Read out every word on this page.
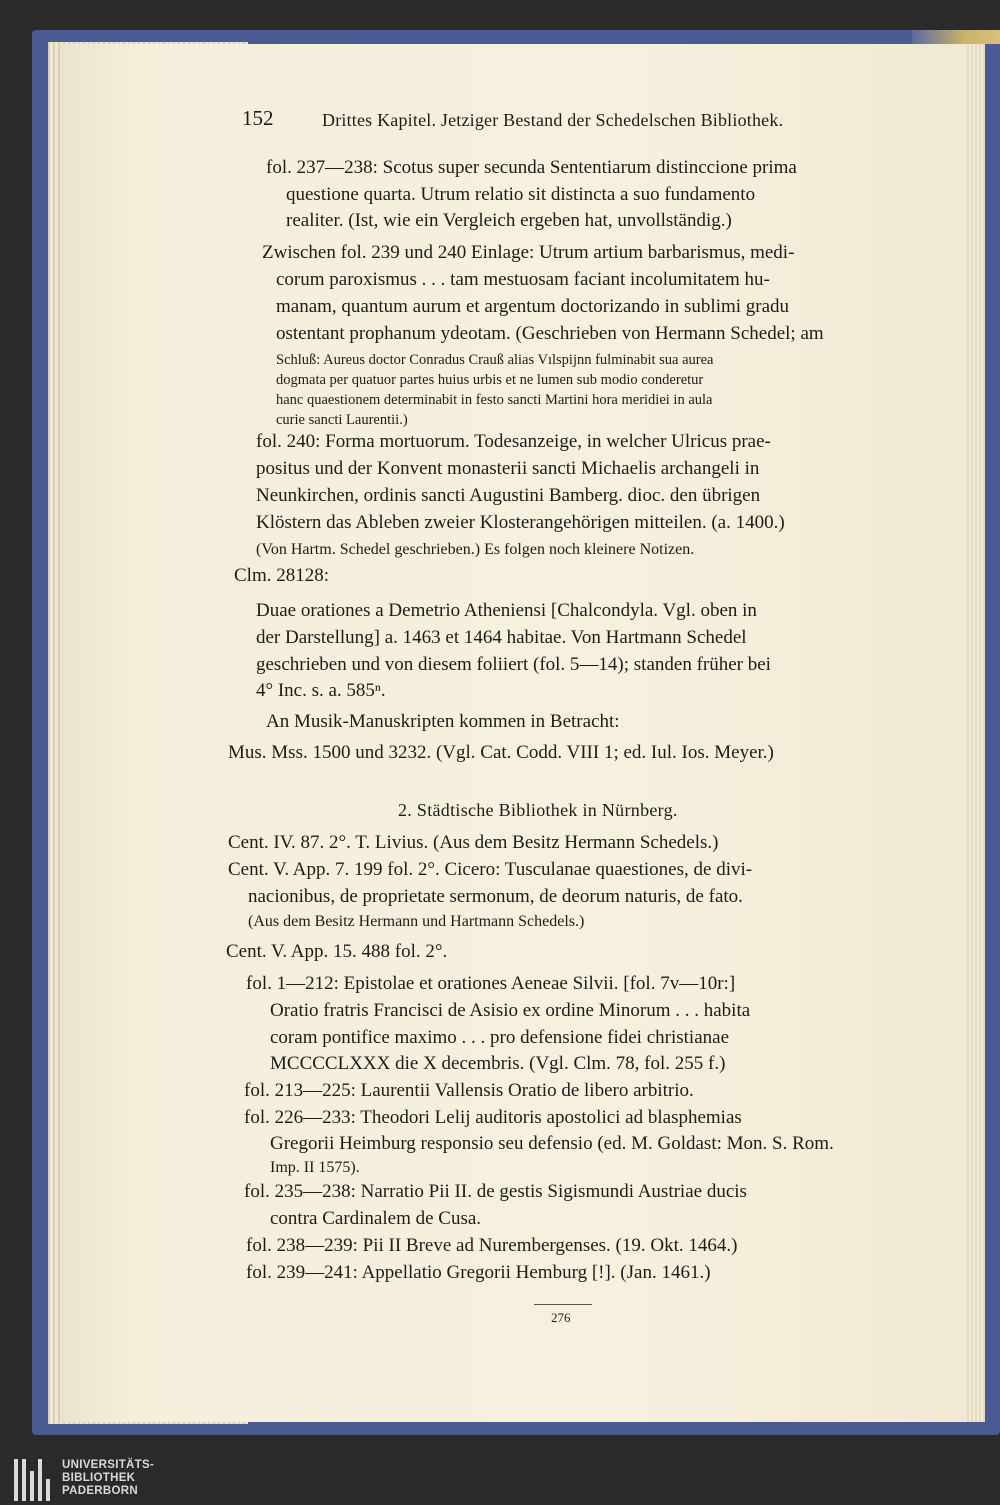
152	Drittes Kapitel. Jetziger Bestand der Schedelschen Bibliothek.
fol. 237—238: Scotus super secunda Sententiarum distinccione prima
questione quarta. Utrum relatio sit distincta a suo fundamento
realiter. (Ist, wie ein Vergleich ergeben hat, unvollständig.)
Zwischen fol. 239 und 240 Einlage: Utrum artium barbarismus, medi-
corum paroxismus . . . tam mestuosam faciant incolumitatem hu-
manam, quantum aurum et argentum doctorizando in sublimi gradu
ostentant prophanum ydeotam. (Geschrieben von Hermann Schedel; am
Schluß: Aureus doctor Conradus Crauß alias Vılspijnn fulminabit sua aurea
dogmata per quatuor partes huius urbis et ne lumen sub modio conderetur
hanc quaestionem determinabit in festo sancti Martini hora meridiei in aula
curie sancti Laurentii.)
fol. 240: Forma mortuorum. Todesanzeige, in welcher Ulricus prae-
positus und der Konvent monasterii sancti Michaelis archangeli in
Neunkirchen, ordinis sancti Augustini Bamberg. dioc. den übrigen
Klöstern das Ableben zweier Klosterangehörigen mitteilen. (a. 1400.)
(Von Hartm. Schedel geschrieben.) Es folgen noch kleinere Notizen.
Clm. 28128:
Duae orationes a Demetrio Atheniensi [Chalcondyla. Vgl. oben in
der Darstellung] a. 1463 et 1464 habitae. Von Hartmann Schedel
geschrieben und von diesem foliiert (fol. 5—14); standen früher bei
4° Inc. s. a. 585ⁿ.
An Musik-Manuskripten kommen in Betracht:
Mus. Mss. 1500 und 3232. (Vgl. Cat. Codd. VIII 1; ed. Iul. Ios. Meyer.)
2. Städtische Bibliothek in Nürnberg.
Cent. IV. 87. 2°. T. Livius. (Aus dem Besitz Hermann Schedels.)
Cent. V. App. 7. 199 fol. 2°. Cicero: Tusculanae quaestiones, de divi-
nacionibus, de proprietate sermonum, de deorum naturis, de fato.
(Aus dem Besitz Hermann und Hartmann Schedels.)
Cent. V. App. 15. 488 fol. 2°.
fol. 1—212: Epistolae et orationes Aeneae Silvii. [fol. 7v—10r:]
Oratio fratris Francisci de Asisio ex ordine Minorum . . . habita
coram pontifice maximo . . . pro defensione fidei christianae
MCCCCLXXX die X decembris. (Vgl. Clm. 78, fol. 255 f.)
fol. 213—225: Laurentii Vallensis Oratio de libero arbitrio.
fol. 226—233: Theodori Lelij auditoris apostolici ad blasphemias
Gregorii Heimburg responsio seu defensio (ed. M. Goldast: Mon. S. Rom.
Imp. II 1575).
fol. 235—238: Narratio Pii II. de gestis Sigismundi Austriae ducis
contra Cardinalem de Cusa.
fol. 238—239: Pii II Breve ad Nurembergenses. (19. Okt. 1464.)
fol. 239—241: Appellatio Gregorii Hemburg [!]. (Jan. 1461.)
276
UNIVERSITÄTS-
BIBLIOTHEK
PADERBORN
